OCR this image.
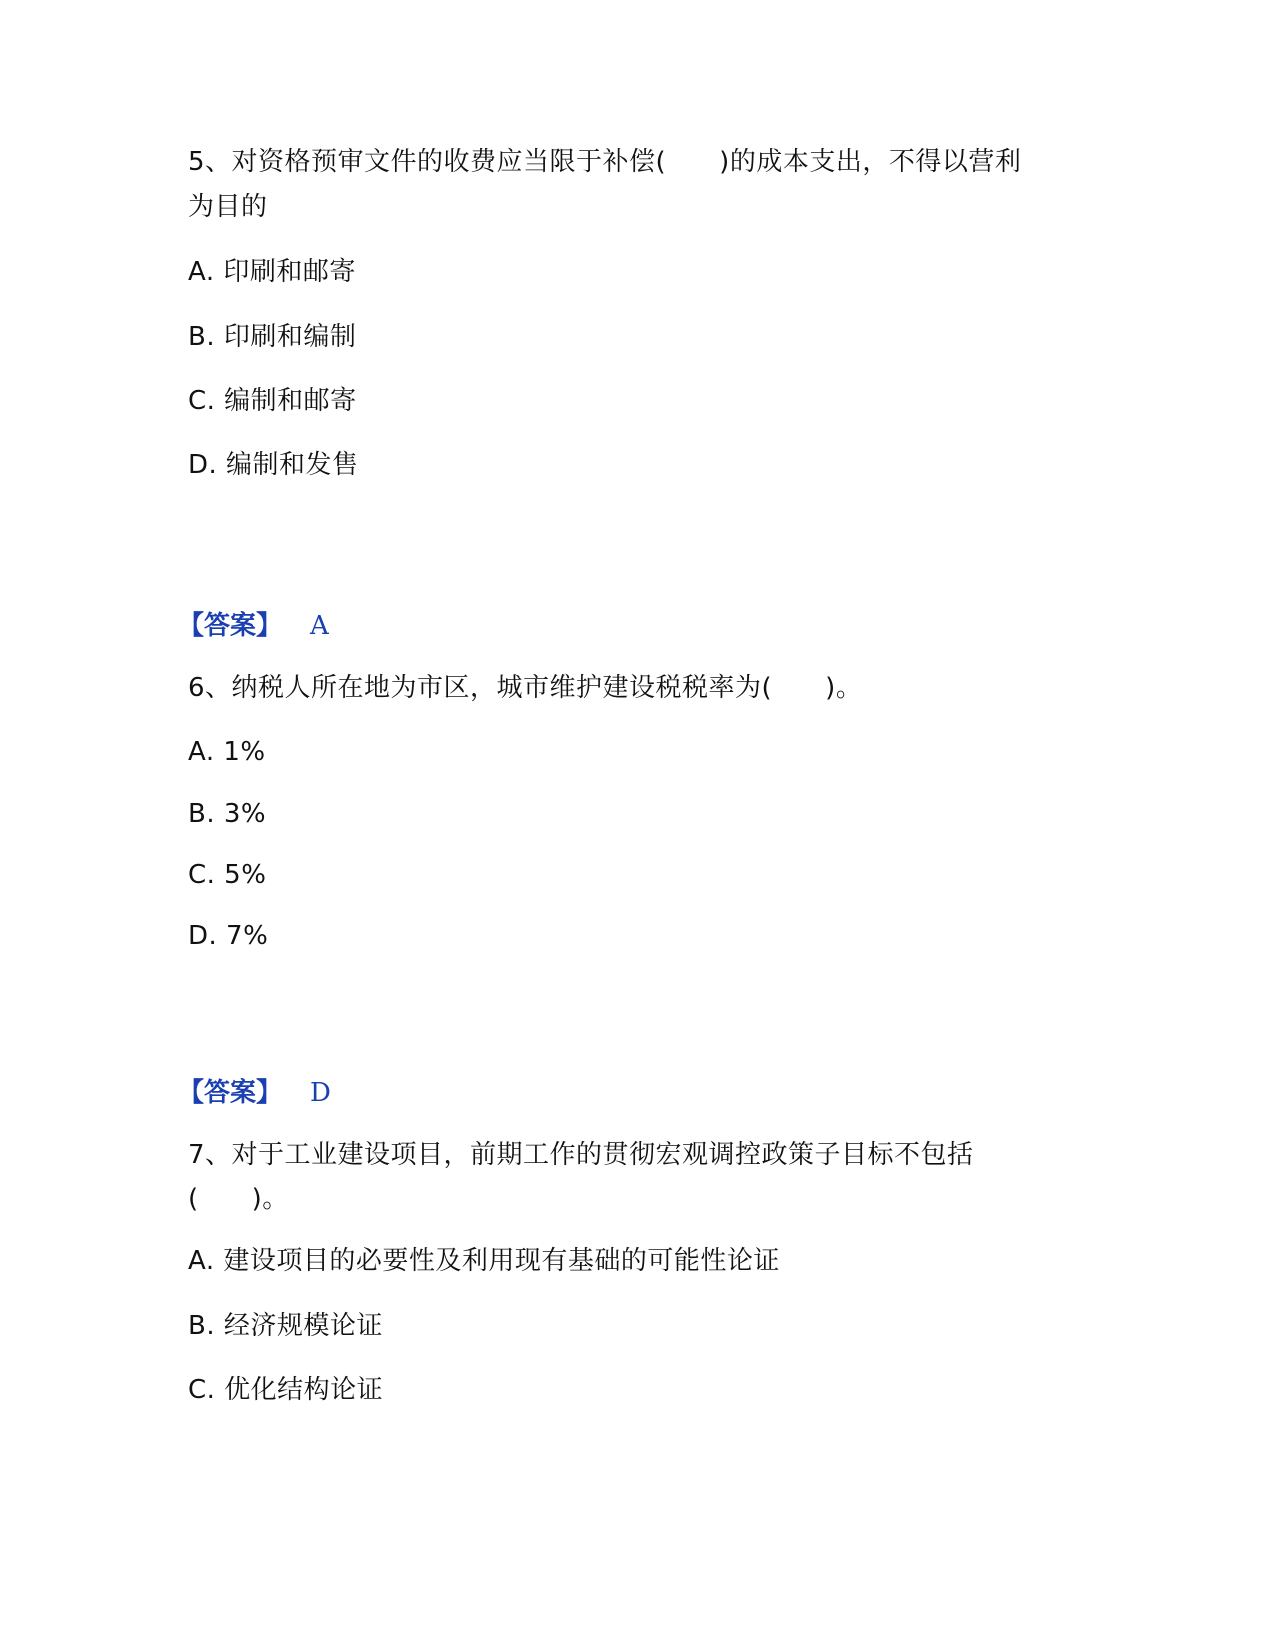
5、对资格预审文件的收费应当限于补偿(　　)的成本支出，不得以营利
为目的
A. 印刷和邮寄
B. 印刷和编制
C. 编制和邮寄
D. 编制和发售
【答案】 A
6、纳税人所在地为市区，城市维护建设税税率为(　　)。
A. 1%
B. 3%
C. 5%
D. 7%
【答案】 D
7、对于工业建设项目，前期工作的贯彻宏观调控政策子目标不包括
(　　)。
A. 建设项目的必要性及利用现有基础的可能性论证
B. 经济规模论证
C. 优化结构论证
